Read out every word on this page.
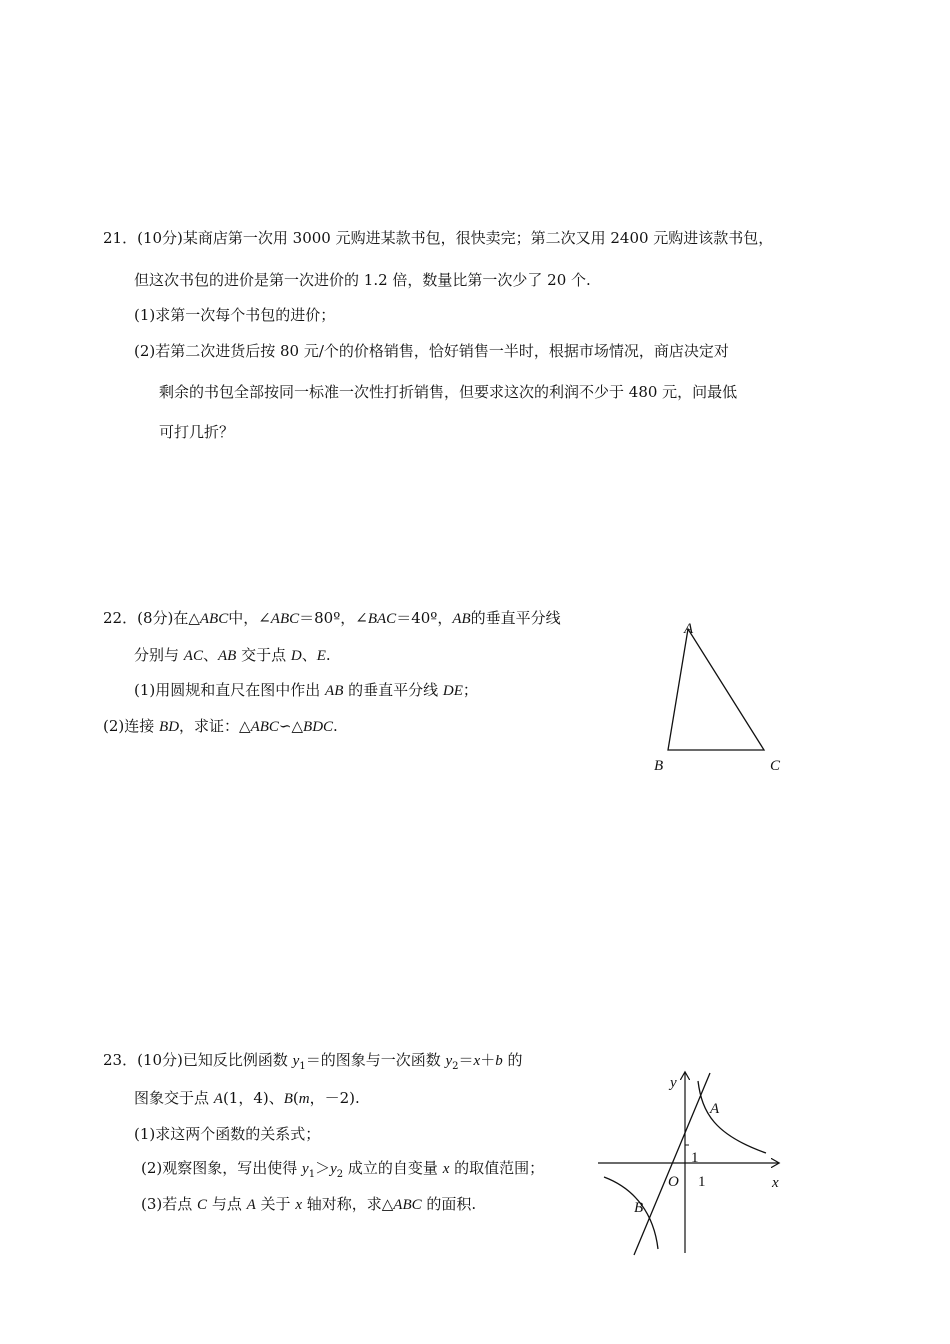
21．(10分)某商店第一次用 3000 元购进某款书包，很快卖完；第二次又用 2400 元购进该款书包，
但这次书包的进价是第一次进价的 1.2 倍，数量比第一次少了 20 个.
(1)求第一次每个书包的进价；
(2)若第二次进货后按 80 元/个的价格销售，恰好销售一半时，根据市场情况，商店决定对
剩余的书包全部按同一标准一次性打折销售，但要求这次的利润不少于 480 元，问最低
可打几折？
22．(8分)在△ABC中，∠ABC＝80º，∠BAC＝40º，AB的垂直平分线
分别与 AC、AB 交于点 D、E.
(1)用圆规和直尺在图中作出 AB 的垂直平分线 DE；
(2)连接 BD，求证：△ABC∽△BDC.
A
B	C
23．(10分)已知反比例函数 $y_1=$的图象与一次函数 $y_2=x+b$ 的
图象交于点 A(1，4)、B(m，－2).
(1)求这两个函数的关系式；
(2)观察图象，写出使得 $y_1>y_2$ 成立的自变量 x 的取值范围；
(3)若点 C 与点 A 关于 x 轴对称，求△ABC 的面积.
y
x
O
A
B
1
1
